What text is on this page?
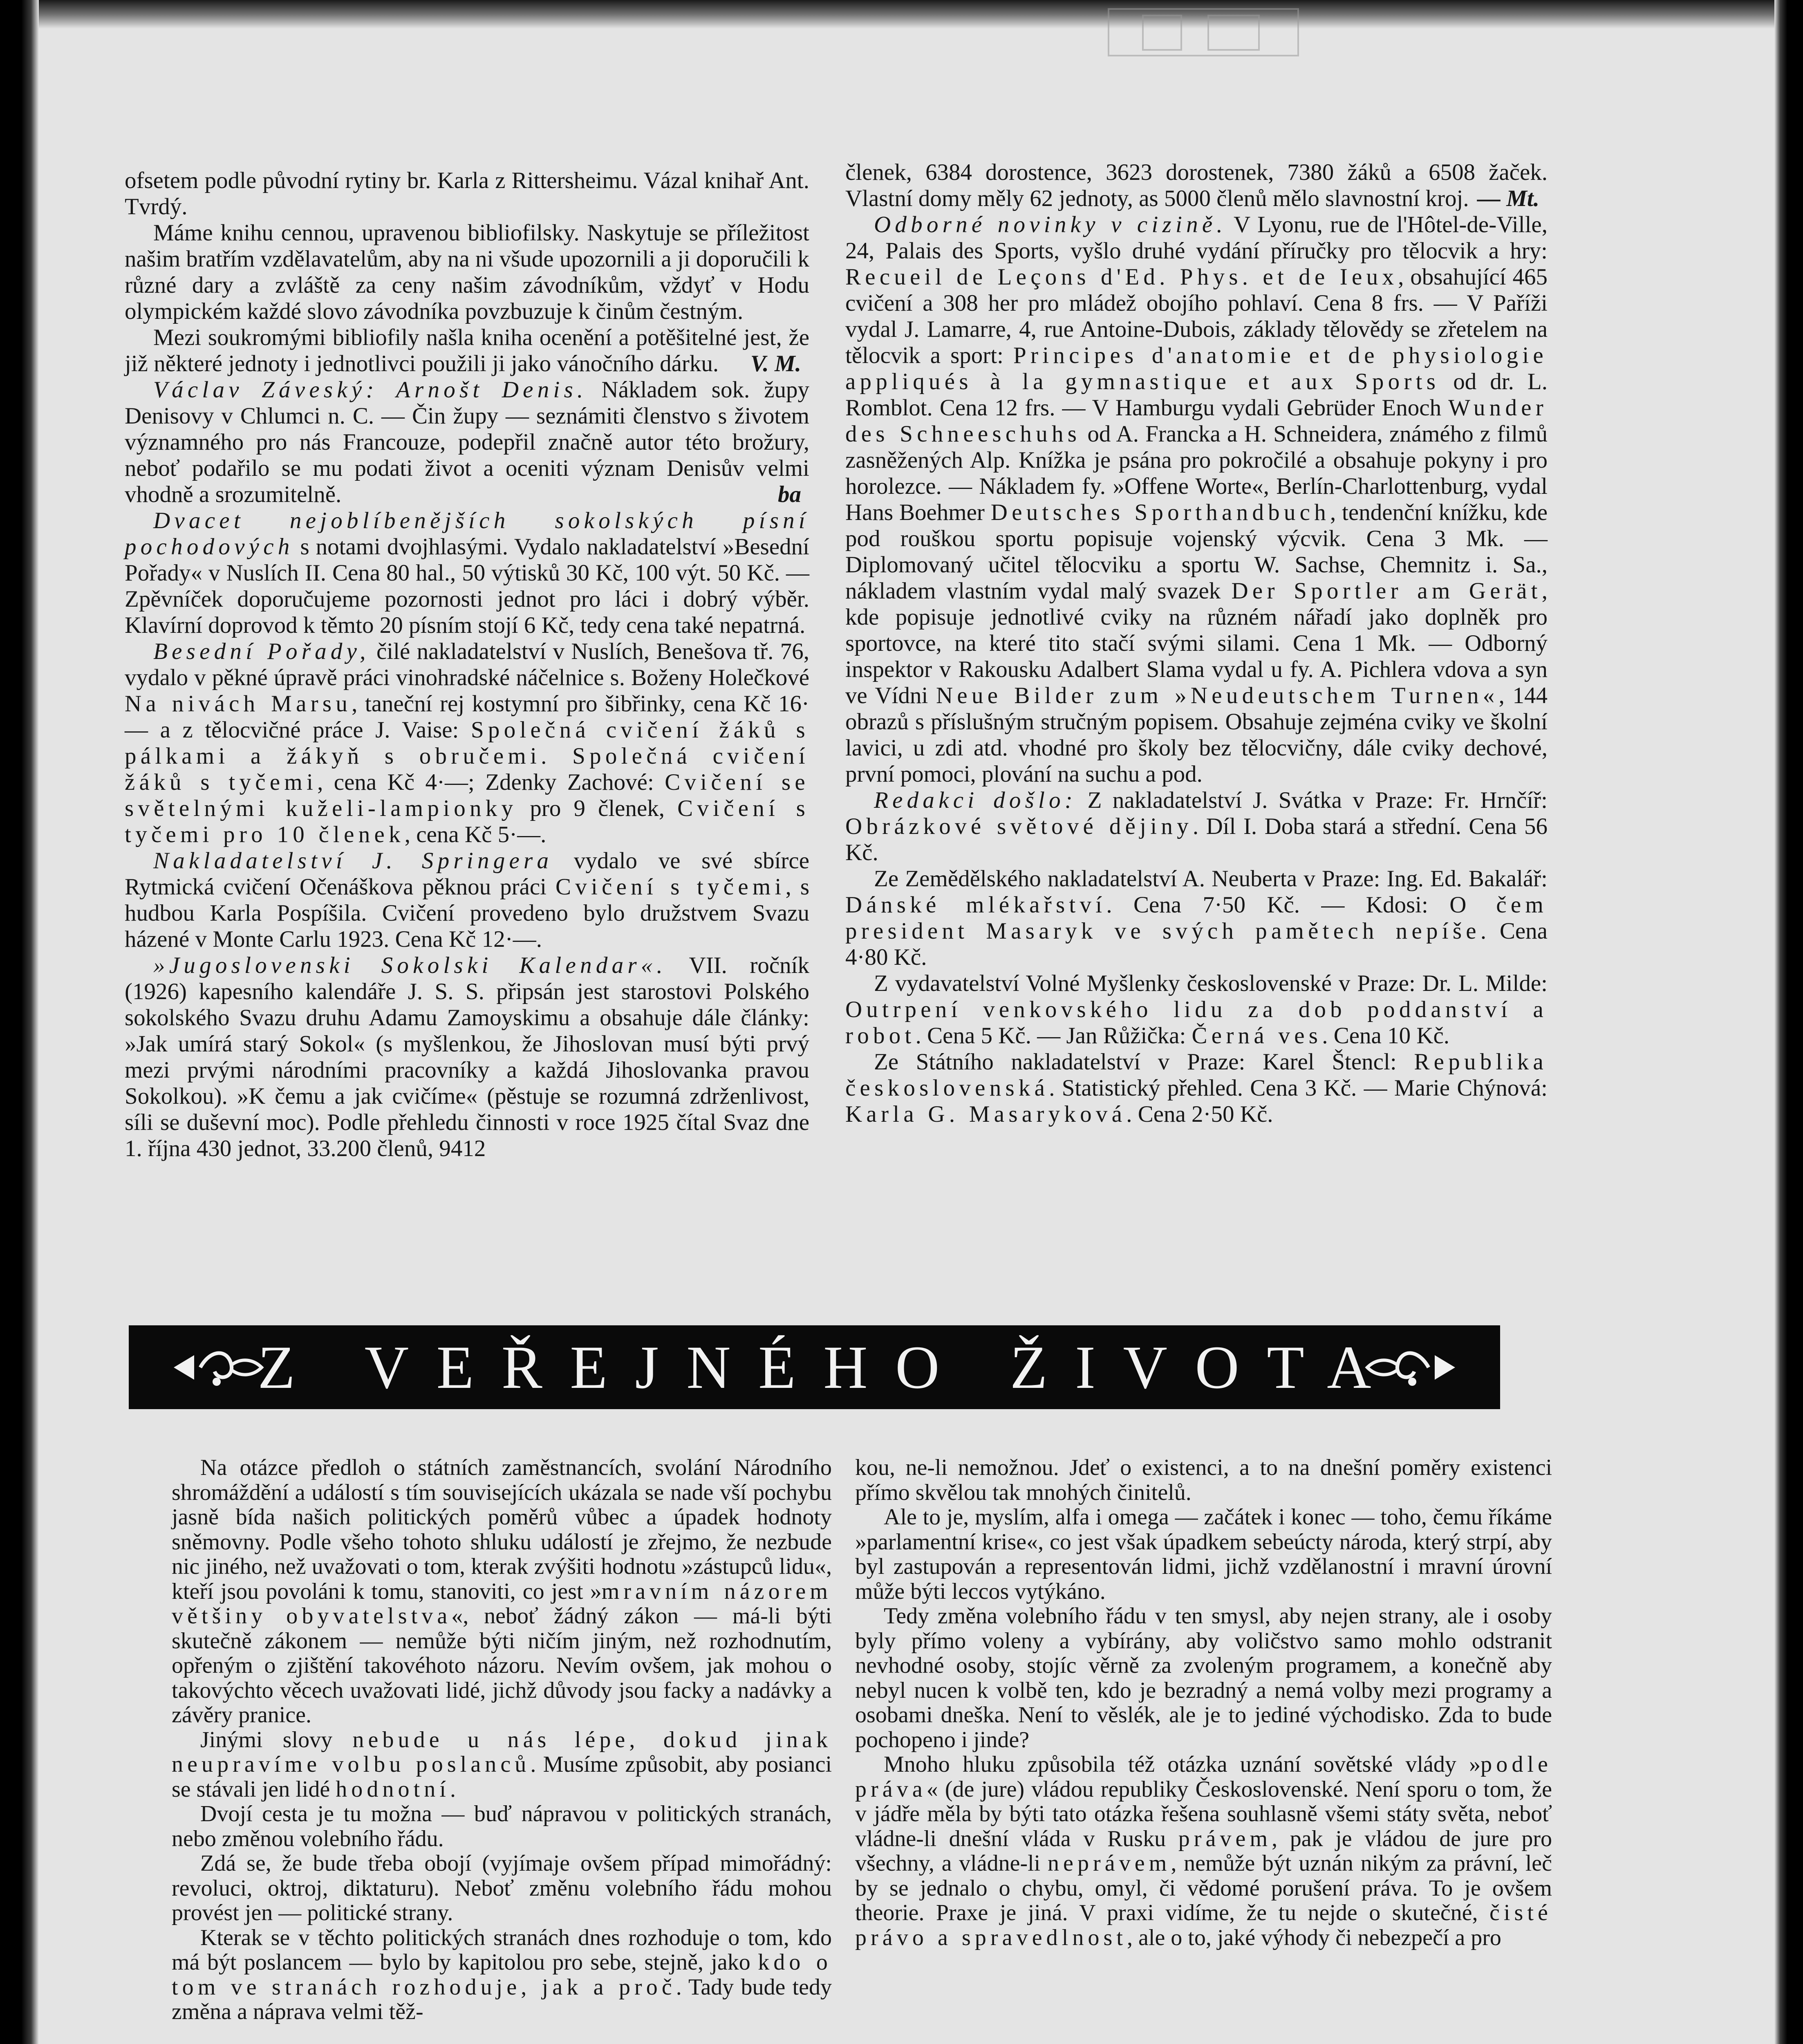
ofsetem podle původní rytiny br. Karla z Rittersheimu. Vázal knihař Ant. Tvrdý.

Máme knihu cennou, upravenou bibliofilsky. Naskytuje se příležitost našim bratřím vzdělavatelům, aby na ni všude upozornili a ji doporučili k různé dary a zvláště za ceny našim závodníkům, vždyť v Hodu olympickém každé slovo závodníka povzbuzuje k činům čestným.

Mezi soukromými bibliofily našla kniha ocenění a potěšitelné jest, že již některé jednoty i jednotlivci použili ji jako vánočního dárku.	V. M.

Václav Záveský: Arnošt Denis. Nákladem sok. župy Denisovy v Chlumci n. C. — Čin župy — seznámiti členstvo s životem významného pro nás Francouze, podepřil značně autor této brožury, neboť podařilo se mu podati život a oceniti význam Denisův velmi vhodně a srozumitelně.	ba

Dvacet nejoblíbenějších sokolských písní pochodových s notami dvojhlasými. Vydalo nakladatelství »Besední Pořady« v Nuslích II. Cena 80 hal., 50 výtisků 30 Kč, 100 výt. 50 Kč. — Zpěvníček doporučujeme pozornosti jednot pro láci i dobrý výběr. Klavírní doprovod k těmto 20 písním stojí 6 Kč, tedy cena také nepatrná.

Besední Pořady, čilé nakladatelství v Nuslích, Benešova tř. 76, vydalo v pěkné úpravě práci vinohradské náčelnice s. Boženy Holečkové Na nivách Marsu, taneční rej kostymní pro šibřinky, cena Kč 16·— a z tělocvičné práce J. Vaise: Společná cvičení žáků s pálkami a žákyň s obručemi. Společná cvičení žáků s tyčemi, cena Kč 4·—; Zdenky Zachové: Cvičení se světelnými kuželi-lampionky pro 9 členek, Cvičení s tyčemi pro 10 členek, cena Kč 5·—.

Nakladatelství J. Springera vydalo ve své sbírce Rytmická cvičení Očenáškova pěknou práci Cvičení s tyčemi, s hudbou Karla Pospíšila. Cvičení provedeno bylo družstvem Svazu házené v Monte Carlu 1923. Cena Kč 12·—.

»Jugoslovenski Sokolski Kalendar«. VII. ročník (1926) kapesního kalendáře J. S. S. připsán jest starostovi Polského sokolského Svazu druhu Adamu Zamoyskimu a obsahuje dále články: »Jak umírá starý Sokol« (s myšlenkou, že Jihoslovan musí býti prvý mezi prvými národními pracovníky a každá Jihoslovanka pravou Sokolkou). »K čemu a jak cvičíme« (pěstuje se rozumná zdrženlivost, síli se duševní moc). Podle přehledu činnosti v roce 1925 čítal Svaz dne 1. října 430 jednot, 33.200 členů, 9412

členek, 6384 dorostence, 3623 dorostenek, 7380 žáků a 6508 žaček. Vlastní domy měly 62 jednoty, as 5000 členů mělo slavnostní kroj. — Mt.

Odborné novinky v cizině. V Lyonu, rue de l'Hôtel-de-Ville, 24, Palais des Sports, vyšlo druhé vydání příručky pro tělocvik a hry: Recueil de Leçons d'Ed. Phys. et de Ieux, obsahující 465 cvičení a 308 her pro mládež obojího pohlaví. Cena 8 frs. — V Paříži vydal J. Lamarre, 4, rue Antoine-Dubois, základy tělovědy se zřetelem na tělocvik a sport: Principes d'anatomie et de physiologie appliqués à la gymnastique et aux Sports od dr. L. Romblot. Cena 12 frs. — V Hamburgu vydali Gebrüder Enoch Wunder des Schneeschuhs od A. Francka a H. Schneidera, známého z filmů zasněžených Alp. Knížka je psána pro pokročilé a obsahuje pokyny i pro horolezce. — Nákladem fy. »Offene Worte«, Berlín-Charlottenburg, vydal Hans Boehmer Deutsches Sporthandbuch, tendenční knížku, kde pod rouškou sportu popisuje vojenský výcvik. Cena 3 Mk. — Diplomovaný učitel tělocviku a sportu W. Sachse, Chemnitz i. Sa., nákladem vlastním vydal malý svazek Der Sportler am Gerät, kde popisuje jednotlivé cviky na různém nářadí jako doplněk pro sportovce, na které tito stačí svými silami. Cena 1 Mk. — Odborný inspektor v Rakousku Adalbert Slama vydal u fy. A. Pichlera vdova a syn ve Vídni Neue Bilder zum »Neudeutschem Turnen«, 144 obrazů s příslušným stručným popisem. Obsahuje zejména cviky ve školní lavici, u zdi atd. vhodné pro školy bez tělocvičny, dále cviky dechové, první pomoci, plování na suchu a pod.

Redakci došlo: Z nakladatelství J. Svátka v Praze: Fr. Hrnčíř: Obrázkové světové dějiny. Díl I. Doba stará a střední. Cena 56 Kč.

Ze Zemědělského nakladatelství A. Neuberta v Praze: Ing. Ed. Bakalář: Dánské mlékařství. Cena 7·50 Kč. — Kdosi: O čem president Masaryk ve svých pamětech nepíše. Cena 4·80 Kč.

Z vydavatelství Volné Myšlenky československé v Praze: Dr. L. Milde: Outrpení venkovského lidu za dob poddanství a robot. Cena 5 Kč. — Jan Růžička: Černá ves. Cena 10 Kč.

Ze Státního nakladatelství v Praze: Karel Štencl: Republika československá. Statistický přehled. Cena 3 Kč. — Marie Chýnová: Karla G. Masaryková. Cena 2·50 Kč.

Z VEŘEJNÉHO ŽIVOTA

Na otázce předloh o státních zaměstnancích, svolání Národního shromáždění a událostí s tím souvisejících ukázala se nade vší pochybu jasně bída našich politických poměrů vůbec a úpadek hodnoty sněmovny. Podle všeho tohoto shluku událostí je zřejmo, že nezbude nic jiného, než uvažovati o tom, kterak zvýšiti hodnotu »zástupců lidu«, kteří jsou povoláni k tomu, stanoviti, co jest »mravním názorem většiny obyvatelstva«, neboť žádný zákon — má-li býti skutečně zákonem — nemůže býti ničím jiným, než rozhodnutím, opřeným o zjištění takovéhoto názoru. Nevím ovšem, jak mohou o takovýchto věcech uvažovati lidé, jichž důvody jsou facky a nadávky a závěry pranice.

Jinými slovy nebude u nás lépe, dokud jinak neupravíme volbu poslanců. Musíme způsobit, aby posianci se stávali jen lidé hodnotní.

Dvojí cesta je tu možna — buď nápravou v politických stranách, nebo změnou volebního řádu.

Zdá se, že bude třeba obojí (vyjímaje ovšem případ mimořádný: revoluci, oktroj, diktaturu). Neboť změnu volebního řádu mohou provést jen — politické strany.

Kterak se v těchto politických stranách dnes rozhoduje o tom, kdo má být poslancem — bylo by kapitolou pro sebe, stejně, jako kdo o tom ve stranách rozhoduje, jak a proč. Tady bude tedy změna a náprava velmi těž-

kou, ne-li nemožnou. Jdeť o existenci, a to na dnešní poměry existenci přímo skvělou tak mnohých činitelů.

Ale to je, myslím, alfa i omega — začátek i konec — toho, čemu říkáme »parlamentní krise«, co jest však úpadkem sebeúcty národa, který strpí, aby byl zastupován a representován lidmi, jichž vzdělanostní i mravní úrovní může býti leccos vytýkáno.

Tedy změna volebního řádu v ten smysl, aby nejen strany, ale i osoby byly přímo voleny a vybírány, aby voličstvo samo mohlo odstranit nevhodné osoby, stojíc věrně za zvoleným programem, a konečně aby nebyl nucen k volbě ten, kdo je bezradný a nemá volby mezi programy a osobami dneška. Není to věslék, ale je to jediné východisko. Zda to bude pochopeno i jinde?

Mnoho hluku způsobila též otázka uznání sovětské vlády »podle práva« (de jure) vládou republiky Československé. Není sporu o tom, že v jádře měla by býti tato otázka řešena souhlasně všemi státy světa, neboť vládne-li dnešní vláda v Rusku právem, pak je vládou de jure pro všechny, a vládne-li neprávem, nemůže být uznán nikým za právní, leč by se jednalo o chybu, omyl, či vědomé porušení práva. To je ovšem theorie. Praxe je jiná. V praxi vidíme, že tu nejde o skutečné, čisté právo a spravedlnost, ale o to, jaké výhody či nebezpečí a pro
